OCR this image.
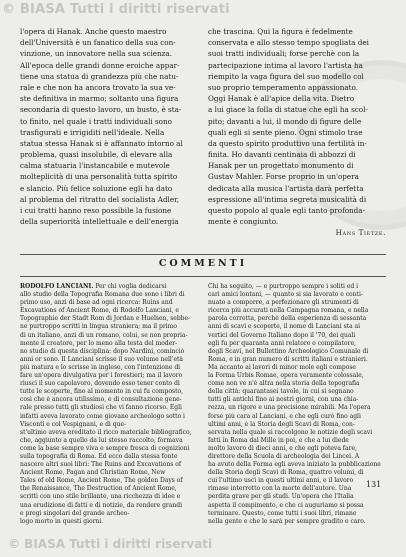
© BIASA Tutti i diritti riservati
l'opera di Hanak. Anche questo maestro
dell'Università è un fanatico della sua con-
vinzione, un innovatore nella sua scienza.
All'epoca delle grandi donne eroiche appar-
tiene una statua di grandezza più che natu-
rale e che non ha ancora trovato la sua ve-
ste definitiva in marmo; soltanto una figura
secondaria di questo lavoro, un busto, è sta-
to finito, nel quale i tratti individuali sono
trasfigurati e irrigiditi nell'ideale. Nella
statua stessa Hanak si è affannato intorno al
problema, quasi insolubile, di elevare alla
calma statuaria l'instancabile e mutevole
molteplicità di una personalità tutta spirito
e slancio. Più felice soluzione egli ha dato
al problema del ritratto del socialista Adler,
i cui tratti hanno reso possibile la fusione
della superiorità intellettuale e dell'energia
che trascina. Qui la figura è fedelmente
conservata e allo stesso tempo spogliata dei
suoi tratti individuali; forse perchè con la
partecipazione intima al lavoro l'artista ha
riempito la vaga figura del suo modello col
suo proprio temperamento appassionato.
Oggi Hanak è all'apice della vita. Dietro
a lui giace la folla di statue che egli ha scol-
pito; davanti a lui, il mondo di figure delle
quali egli si sente pieno. Ogni stimolo trae
da questo spirito produttivo una fertilità in-
finita. Ho davanti centinaia di abbozzi di
Hanak per un progettato monumento di
Gustav Mahler. Forse proprio in un'opera
dedicata alla musica l'artista darà perfetta
espressione all'intima segreta musicalità di
questo popolo al quale egli tanto profonda-
mente è congiunto.
Hans Tietze.
COMMENTI
RODOLFO LANCIANI. Per chi voglia dedicarsi
allo studio della Topografia Romana due sono i libri di
primo uso, anzi di base ad ogni ricerca: Ruins and
Excavations of Ancient Rome, di Rodolfo Lanciani, e
Topographie der Stadt Rom di Jordan e Huelsen, sebbe-
ne purtroppo scritti in lingua straniera; ma il primo
di un italiano, anzi di un romano, colui, se non propria-
mente il creatore, per lo meno alla testa del moder-
no studio di questa disciplina: dopo Nardini, cominciò
anni or sono. Il Lanciani scrisse il suo volume nell'età
più matura e lo scrisse in inglese, con l'intenzione di
fare un'opera divulgativa per i forestieri; ma il lavoro
riuscì il suo capolavoro, dovendo esso tener conto di
tutte le scoperte, fino al momento in cui fu composto,
così che è ancora utilissimo, e di consultazione gene-
rale presso tutti gli studiosi che vi fanno ricorso. Egli
infatti aveva lavorato come giovane archeologo sotto i
Visconti e col Vespignani, e di que-
st'ultimo aveva ereditato il ricco materiale bibliografico,
che, aggiunto a quello da lui stesso raccolto, formava
come la base sempre viva e sempre fresca di cognizioni
sulla topografia di Roma. Ed ecco dalla stessa fonte
nascere altri suoi libri: The Ruins and Excavations of
Ancient Rome, Pagan and Christian Rome, New
Tales of old Rome, Ancient Rome, The golden Days of
the Renaissance, The Destruction of Ancient Rome,
scritti con uno stile brillante, una ricchezza di idee e
una erudizione di fatti e di notizie, da rendere grandi
e pregi singolari del grande archeo-
logo morto in questi giorni.
Chi ha seguito, — e purtroppo sempre i soliti ed i
cari amici lontani, — quanto si sia lavorato e conti-
nuato a comporre, a perfezionare gli strumenti di
ricerca più accurati nella Campagna romana, e nella
parola corretta, perchè della esperienza di sessanta
anni di scavi e scoperte, il nome di Lanciani sta ai
vertici del Governo Italiano dopo il '70, dei quali
egli fu per quaranta anni relatore o compilatore,
degli Scavi, nel Bullettino Archeologico Comunale di
Roma, e in gran numero di scritti italiani e stranieri.
Ma accanto ai lavori di minor mole egli compose
la Forma Urbis Romae, opera veramente colossale,
come non ve n'è altra nella storia della topografia
della città: quarantasei tavole, in cui si segnano
tutti gli antichi fino ai nostri giorni, con una chia-
rezza, un rigore e una precisione mirabili. Ma l'opera
forse più cara al Lanciani, e che egli curò fino agli
ultimi anni, è la Storia degli Scavi di Roma, con-
servata nella quale si raccolgono le notizie degli scavi
fatti in Roma dal Mille in poi, e che a lui diede
molto lavoro di dieci anni, e che egli poteva fare,
direttore della Scuola di archeologia dei Lincei. A
ha avuto della Forma egli aveva iniziato la pubblicazione
della Storia degli Scavi di Roma, quattro volumi, di
cui l'ultimo uscì in questi ultimi anni, e il lavoro
rimase interrotto con la morte dell'autore. Una
perdita grave per gli studi. Un'opera che l'Italia
aspetta il compimento, e che ci auguriamo si possa
terminare. Questo, come tutti i suoi libri, rimane
nella gente e che le sarà per sempre gradito e caro.
131
© BIASA Tutti i diritti riservati
